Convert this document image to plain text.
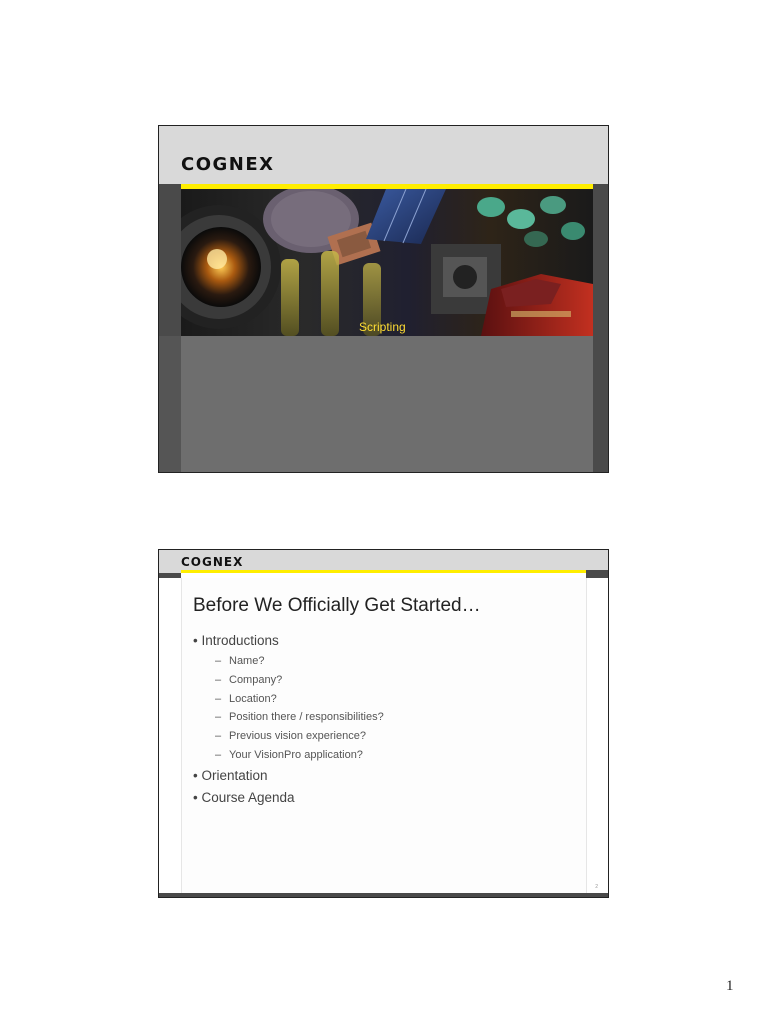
COGNEX
Scripting
COGNEX
Before We Officially Get Started…
• Introductions
– Name?
– Company?
– Location?
– Position there / responsibilities?
– Previous vision experience?
– Your VisionPro application?
• Orientation
• Course Agenda
2
1
